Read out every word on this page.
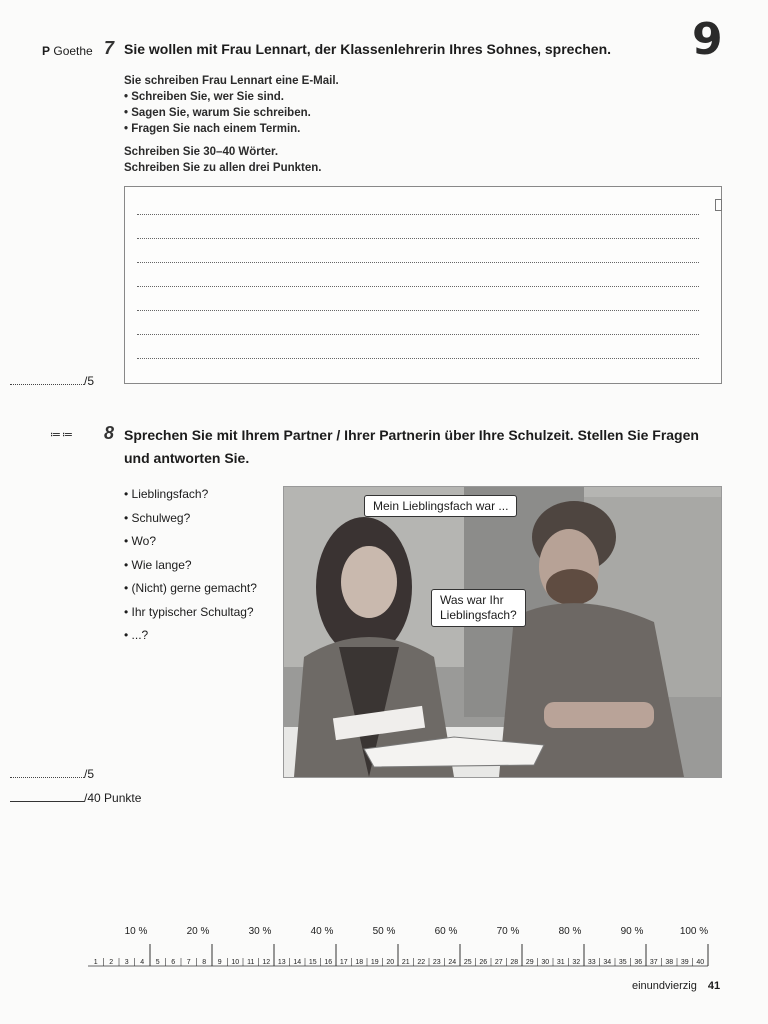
9
P Goethe 7 Sie wollen mit Frau Lennart, der Klassenlehrerin Ihres Sohnes, sprechen.
Sie schreiben Frau Lennart eine E-Mail.
• Schreiben Sie, wer Sie sind.
• Sagen Sie, warum Sie schreiben.
• Fragen Sie nach einem Termin.
Schreiben Sie 30–40 Wörter.
Schreiben Sie zu allen drei Punkten.
/5
≔≔ 8 Sprechen Sie mit Ihrem Partner / Ihrer Partnerin über Ihre Schulzeit. Stellen Sie Fragen
und antworten Sie.
• Lieblingsfach?
• Schulweg?
• Wo?
• Wie lange?
• (Nicht) gerne gemacht?
• Ihr typischer Schultag?
• ...?
Mein Lieblingsfach war ...
Was war Ihr
Lieblingsfach?
/5
/40 Punkte
1 2 3 4 5 6 7 8 9 10 11 12 13 14 15 16 17 18 19 20 21 22 23 24 25 26 27 28 29 30 31 32 33 34 35 36 37 38 39 40
10 %	20 %	30 %	40 %	50 %	60 %	70 %	80 %	90 %	100 %
einundvierzig 41
